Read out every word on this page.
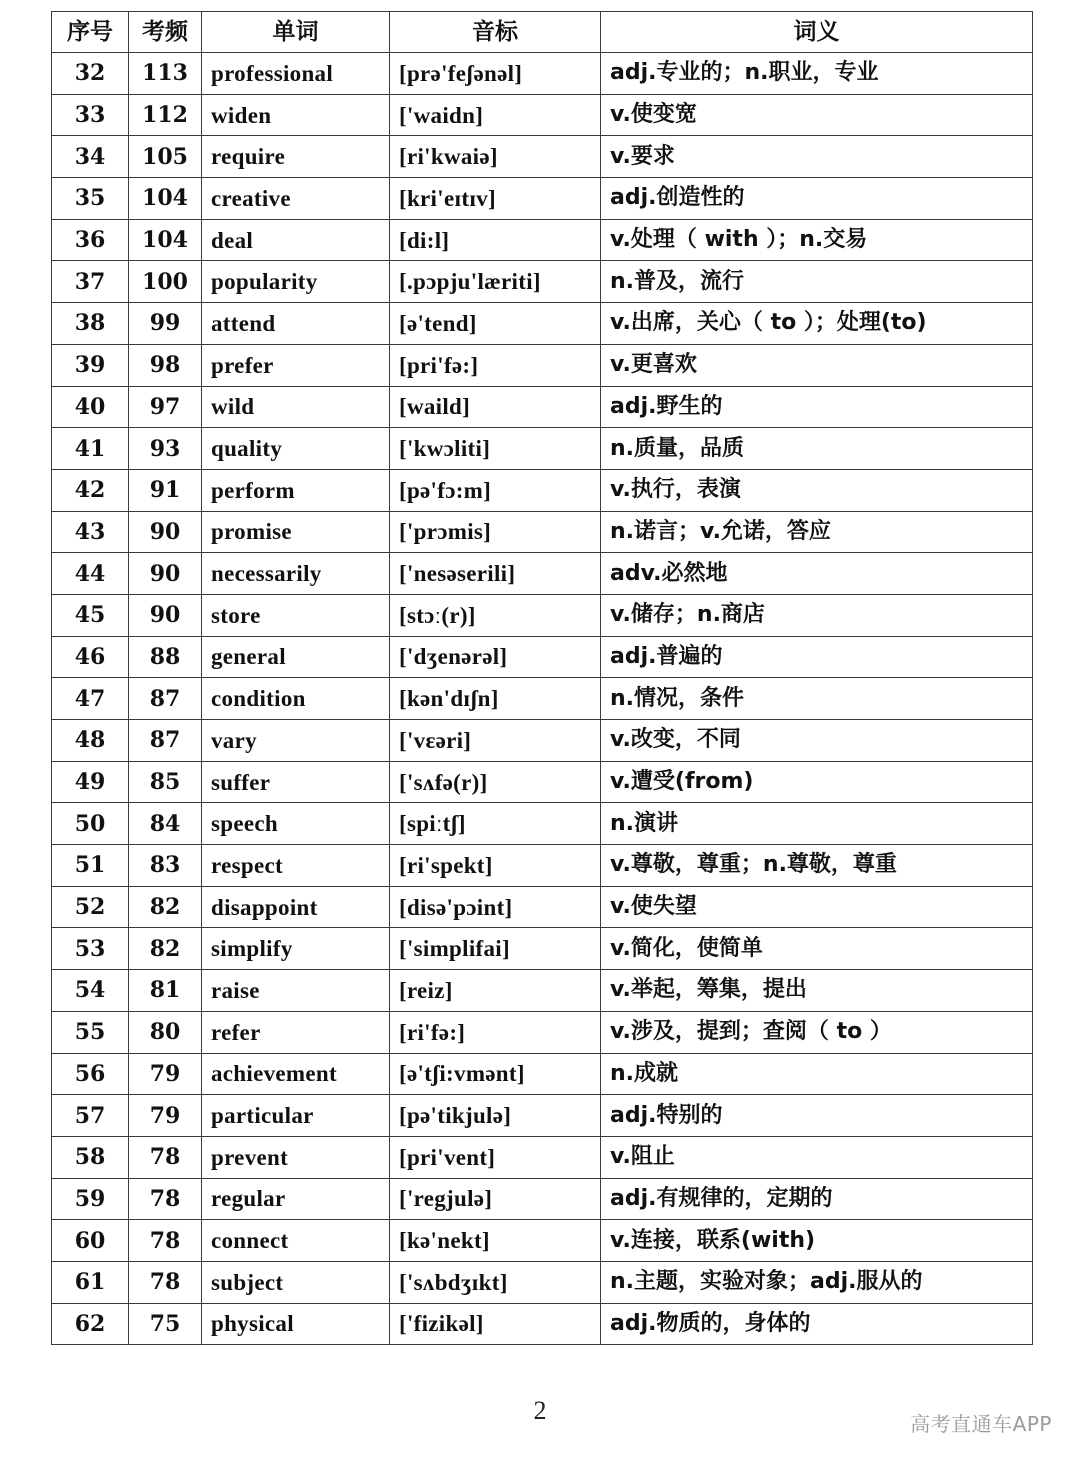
序号	考频	单词	音标	词义
32	113	professional	[prə'feʃənəl]	adj.专业的；n.职业，专业
33	112	widen	['waidn]	v.使变宽
34	105	require	[ri'kwaiə]	v.要求
35	104	creative	[kri'eɪtɪv]	adj.创造性的
36	104	deal	[di:l]	v.处理（ with ）；n.交易
37	100	popularity	[.pɔpju'læriti]	n.普及，流行
38	99	attend	[ə'tend]	v.出席，关心（ to ）；处理(to)
39	98	prefer	[pri'fə:]	v.更喜欢
40	97	wild	[waild]	adj.野生的
41	93	quality	['kwɔliti]	n.质量，品质
42	91	perform	[pə'fɔ:m]	v.执行，表演
43	90	promise	['prɔmis]	n.诺言；v.允诺，答应
44	90	necessarily	['nesəserili]	adv.必然地
45	90	store	[stɔː(r)]	v.储存；n.商店
46	88	general	['dʒenərəl]	adj.普遍的
47	87	condition	[kən'dɪʃn]	n.情况，条件
48	87	vary	['vɛəri]	v.改变，不同
49	85	suffer	['sʌfə(r)]	v.遭受(from)
50	84	speech	[spiːtʃ]	n.演讲
51	83	respect	[ri'spekt]	v.尊敬，尊重；n.尊敬，尊重
52	82	disappoint	[disə'pɔint]	v.使失望
53	82	simplify	['simplifai]	v.简化，使简单
54	81	raise	[reiz]	v.举起，筹集，提出
55	80	refer	[ri'fə:]	v.涉及，提到；查阅（ to ）
56	79	achievement	[ə'tʃi:vmənt]	n.成就
57	79	particular	[pə'tikjulə]	adj.特别的
58	78	prevent	[pri'vent]	v.阻止
59	78	regular	['regjulə]	adj.有规律的，定期的
60	78	connect	[kə'nekt]	v.连接，联系(with)
61	78	subject	['sʌbdʒɪkt]	n.主题，实验对象；adj.服从的
62	75	physical	['fizikəl]	adj.物质的，身体的
2	高考直通车APP
